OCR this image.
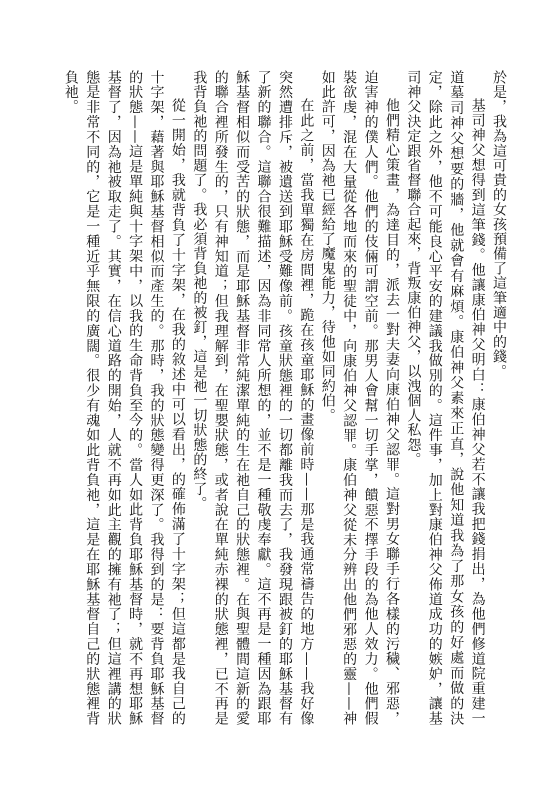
於是，我為這可貴的女孩預備了這筆適中的錢。

基司神父想得到這筆錢。他讓康伯神父明白：康伯神父若不讓我把錢捐出，為他們修道院重建一道墓司神父想要的牆，他就會有麻煩。康伯神父素來正直，說他知道我為了那女孩的好處而做的決定，除此之外，他不可能良心平安的建議我做別的。這件事，加上對康伯神父佈道成功的嫉妒，讓基司神父決定跟省督聯合起來，背叛康伯神父，以洩個人私怨。

他們精心策畫，為達目的，派去一對夫妻向康伯神父認罪。這對男女聯手行各樣的污穢、邪惡，迫害神的僕人們。他們的伎倆可謂空前。那男人會幫一切手掌，饋惡不擇手段的為他人效力。他們假裝欲虔，混在大量從各地而來的聖徒中，向康伯神父認罪。康伯神父從未分辨出他們邪惡的靈——神如此許可，因為祂已經給了魔鬼能力，待他如同約伯。

在此之前，當我單獨在房間裡，跪在孩童耶穌的畫像前時——那是我通常禱告的地方——我好像突然遭排斥，被遺送到耶穌受難像前。孩童狀態裡的一切都離我而去了，我發現跟被釘的耶穌基督有了新的聯合。這聯合很難描述，因為非同常人所想的，並不是一種敬虔奉獻。這不再是一種因為跟耶穌基督相似而受苦的狀態，而是耶穌基督非常純潔單純的生在祂自己的狀態裡。在與聖體間這新的愛的聯合裡所發生的，只有神知道；但我理解到，在聖嬰狀態，或者說在單純赤裸的狀態裡，已不再是我背負祂的問題了。我必須背負祂的被釘，這是祂一切狀態的終了。

從一開始，我就背負了十字架，在我的敘述中可以看出，的確佈滿了十字架；但這都是我自己的十字架，藉著與耶穌基督相似而產生的。那時，我的狀態變得更深了。我得到的是：要背負耶穌基督的狀態——這是單純與十字架中，以我的生命背負至今的。當人如此背負耶穌基督時，就不再想耶穌基督了，因為祂被取走了。其實，在信心道路的開始，人就不再如此主觀的擁有祂了；但這裡講的狀態是非常不同的，它是一種近乎無限的廣闊。很少有魂如此背負祂，這是在耶穌基督自己的狀態裡背負祂。
